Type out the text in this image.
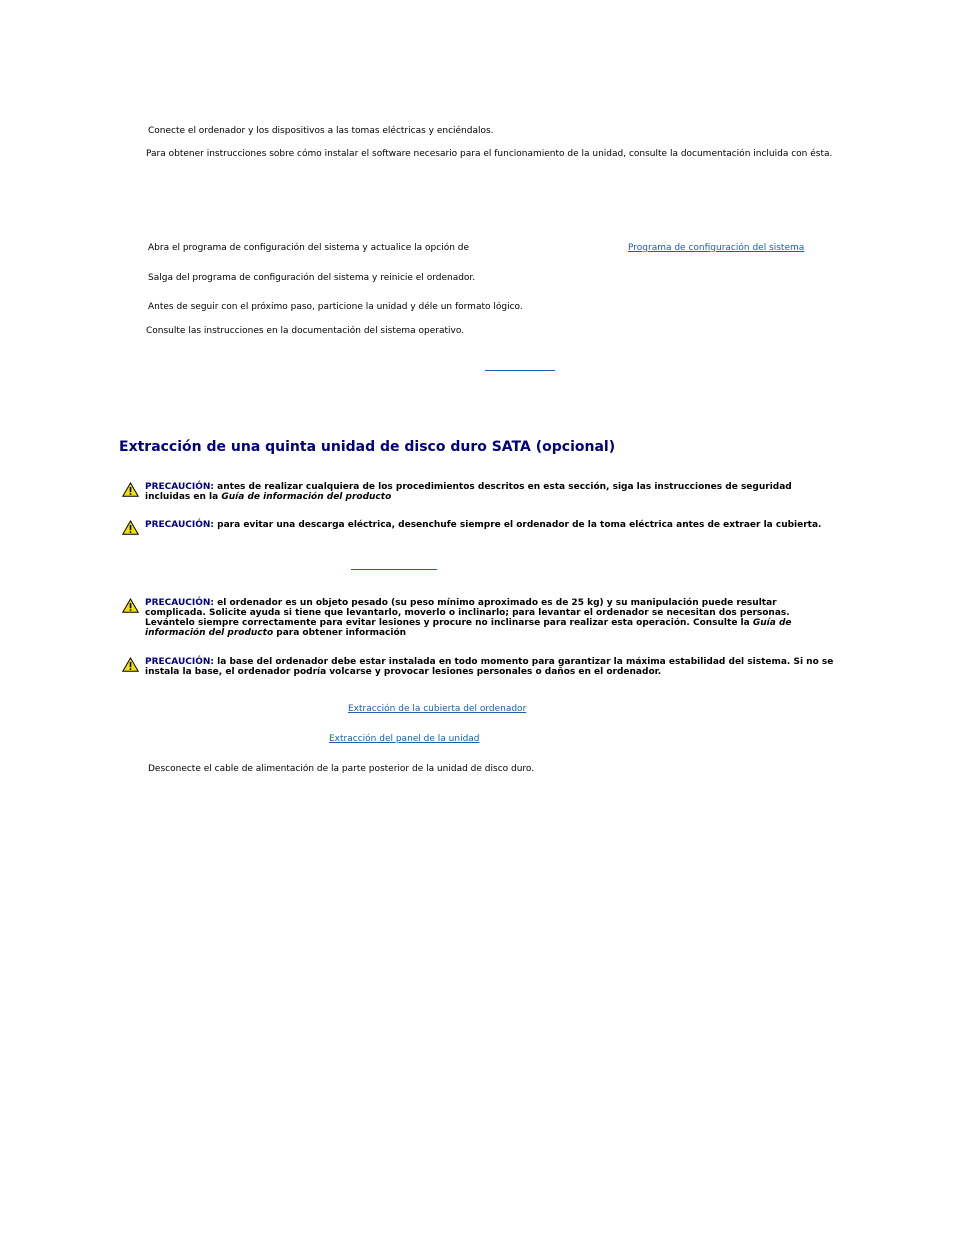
Conecte el ordenador y los dispositivos a las tomas eléctricas y enciéndalos.
Para obtener instrucciones sobre cómo instalar el software necesario para el funcionamiento de la unidad, consulte la documentación incluida con ésta.
Abra el programa de configuración del sistema y actualice la opción de	Programa de configuración del sistema
Salga del programa de configuración del sistema y reinicie el ordenador.
Antes de seguir con el próximo paso, particione la unidad y déle un formato lógico.
Consulte las instrucciones en la documentación del sistema operativo.
Extracción de una quinta unidad de disco duro SATA (opcional)
PRECAUCIÓN: antes de realizar cualquiera de los procedimientos descritos en esta sección, siga las instrucciones de seguridad incluidas en la Guía de información del producto
PRECAUCIÓN: para evitar una descarga eléctrica, desenchufe siempre el ordenador de la toma eléctrica antes de extraer la cubierta.
PRECAUCIÓN: el ordenador es un objeto pesado (su peso mínimo aproximado es de 25 kg) y su manipulación puede resultar complicada. Solicite ayuda si tiene que levantarlo, moverlo o inclinarlo; para levantar el ordenador se necesitan dos personas. Levántelo siempre correctamente para evitar lesiones y procure no inclinarse para realizar esta operación. Consulte la Guía de información del producto para obtener información
PRECAUCIÓN: la base del ordenador debe estar instalada en todo momento para garantizar la máxima estabilidad del sistema. Si no se instala la base, el ordenador podría volcarse y provocar lesiones personales o daños en el ordenador.
Extracción de la cubierta del ordenador
Extracción del panel de la unidad
Desconecte el cable de alimentación de la parte posterior de la unidad de disco duro.
